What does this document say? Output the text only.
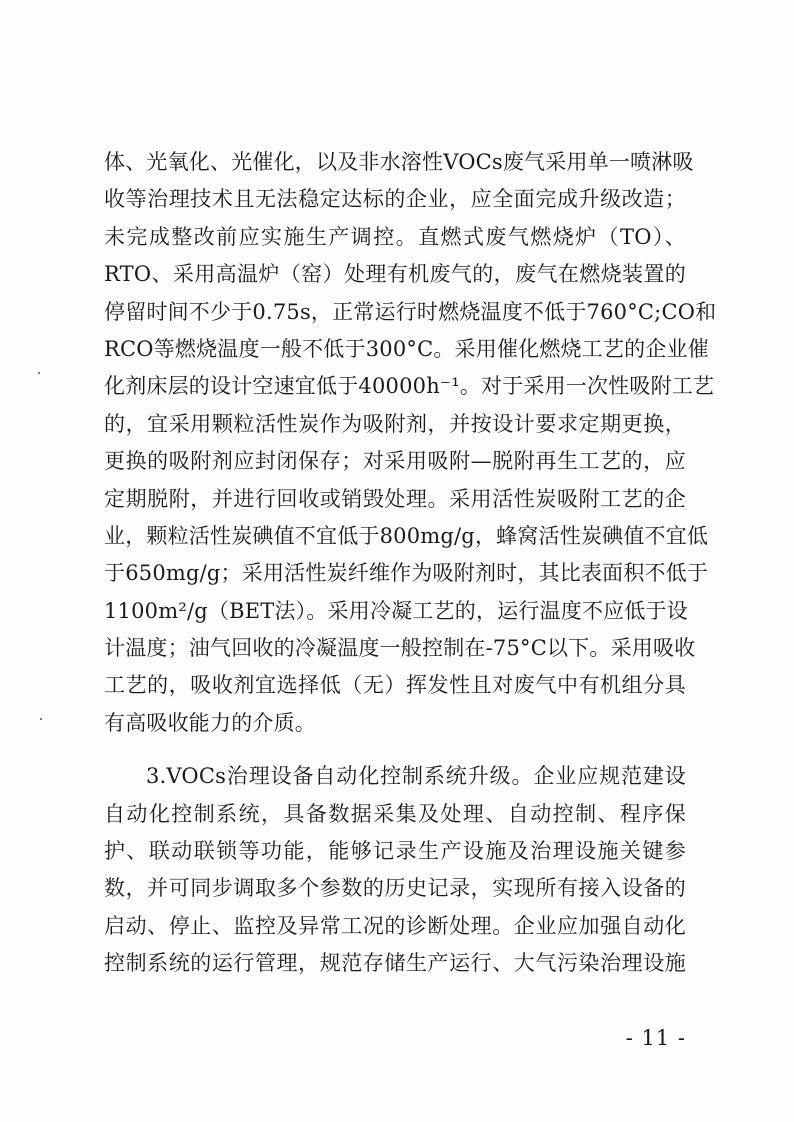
体、光氧化、光催化，以及非水溶性VOCs废气采用单一喷淋吸
收等治理技术且无法稳定达标的企业，应全面完成升级改造；
未完成整改前应实施生产调控。直燃式废气燃烧炉（TO）、
RTO、采用高温炉（窑）处理有机废气的，废气在燃烧装置的
停留时间不少于0.75s，正常运行时燃烧温度不低于760°C;CO和
RCO等燃烧温度一般不低于300°C。采用催化燃烧工艺的企业催
化剂床层的设计空速宜低于40000h⁻¹。对于采用一次性吸附工艺
的，宜采用颗粒活性炭作为吸附剂，并按设计要求定期更换，
更换的吸附剂应封闭保存；对采用吸附—脱附再生工艺的，应
定期脱附，并进行回收或销毁处理。采用活性炭吸附工艺的企
业，颗粒活性炭碘值不宜低于800mg/g，蜂窝活性炭碘值不宜低
于650mg/g；采用活性炭纤维作为吸附剂时，其比表面积不低于
1100m²/g（BET法）。采用冷凝工艺的，运行温度不应低于设
计温度；油气回收的冷凝温度一般控制在-75°C以下。采用吸收
工艺的，吸收剂宜选择低（无）挥发性且对废气中有机组分具
有高吸收能力的介质。
3.VOCs治理设备自动化控制系统升级。企业应规范建设
自动化控制系统，具备数据采集及处理、自动控制、程序保
护、联动联锁等功能，能够记录生产设施及治理设施关键参
数，并可同步调取多个参数的历史记录，实现所有接入设备的
启动、停止、监控及异常工况的诊断处理。企业应加强自动化
控制系统的运行管理，规范存储生产运行、大气污染治理设施
- 11 -
